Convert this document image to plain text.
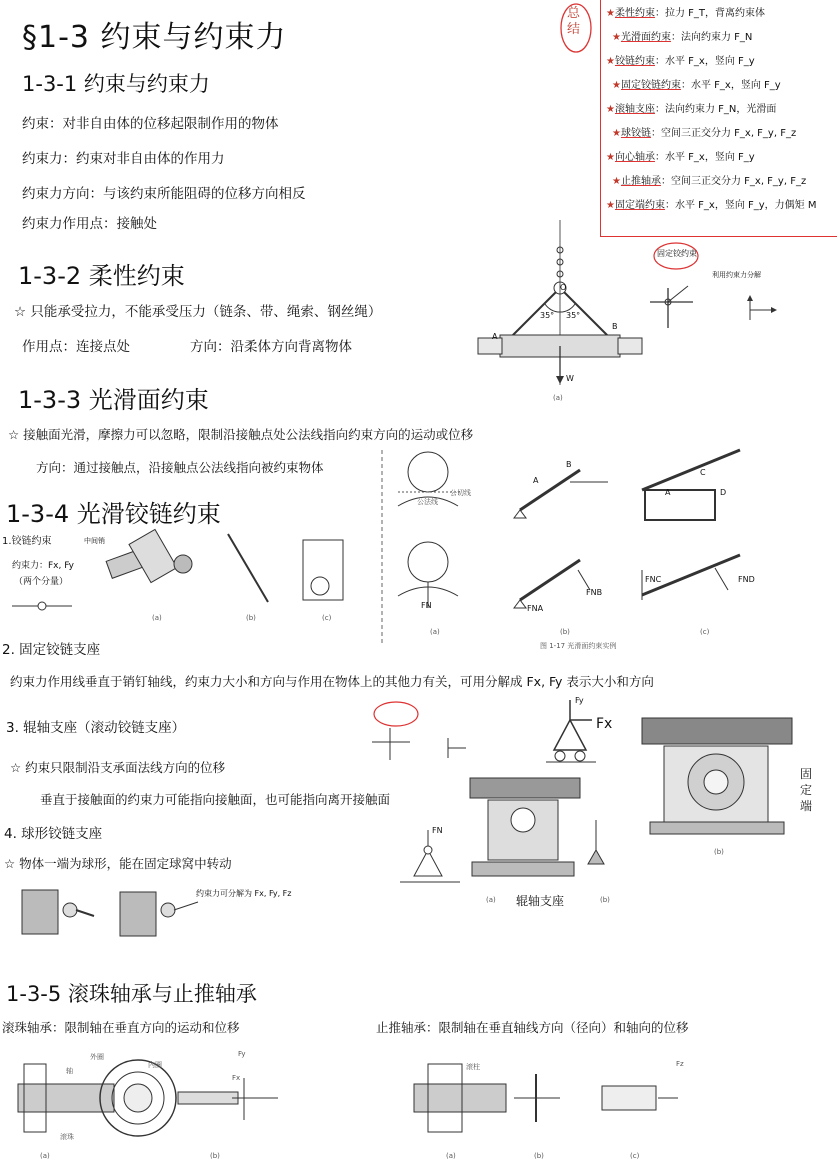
§1-3 约束与约束力
总结
★柔性约束：拉力 F_T，背离约束体
★光滑面约束：法向约束力 F_N
★铰链约束：水平 F_x，竖向 F_y
★固定铰链约束：水平 F_x，竖向 F_y
★滚轴支座：法向约束力 F_N，光滑面
★球铰链：空间三正交分力 F_x, F_y, F_z
★向心轴承：水平 F_x，竖向 F_y
★止推轴承：空间三正交分力 F_x, F_y, F_z
★固定端约束：水平 F_x，竖向 F_y，力偶矩 M
1-3-1 约束与约束力
约束：对非自由体的位移起限制作用的物体
约束力：约束对非自由体的作用力
约束力方向：与该约束所能阻碍的位移方向相反
约束力作用点：接触处
1-3-2 柔性约束
☆ 只能承受拉力，不能承受压力（链条、带、绳索、钢丝绳）
作用点：连接点处	方向：沿柔体方向背离物体
O
35° 35°
A
B
W
(a)
固定铰约束
利用约束力分解
1-3-3 光滑面约束
☆ 接触面光滑，摩擦力可以忽略，限制沿接触点处公法线指向约束方向的运动或位移
方向：通过接触点，沿接触点公法线指向被约束物体
公切线
公法线
A
B
A	D
C
FN	FNA
FNB
FNC	FND
(a)	(b)	(c)
图 1-17 光滑面约束实例
1-3-4 光滑铰链约束
1.铰链约束	中间销
约束力：Fx, Fy
（两个分量）
(a)	(b)	(c)
2. 固定铰链支座
约束力作用线垂直于销钉轴线，约束力大小和方向与作用在物体上的其他力有关，可用分解成 Fx, Fy 表示大小和方向
3. 辊轴支座（滚动铰链支座）
☆ 约束只限制沿支承面法线方向的位移
垂直于接触面的约束力可能指向接触面，也可能指向离开接触面
4. 球形铰链支座
☆ 物体一端为球形，能在固定球窝中转动
约束力可分解为 Fx, Fy, Fz
Fy
Fx
FN
辊轴支座
(a)	(b)
固定端
(b)
1-3-5 滚珠轴承与止推轴承
滚珠轴承：限制轴在垂直方向的运动和位移	止推轴承：限制轴在垂直轴线方向（径向）和轴向的位移
外圈
内圈
轴
滚珠
滚柱
Fx
Fy
Fz
(a)	(b)	(a)	(b)	(c)
